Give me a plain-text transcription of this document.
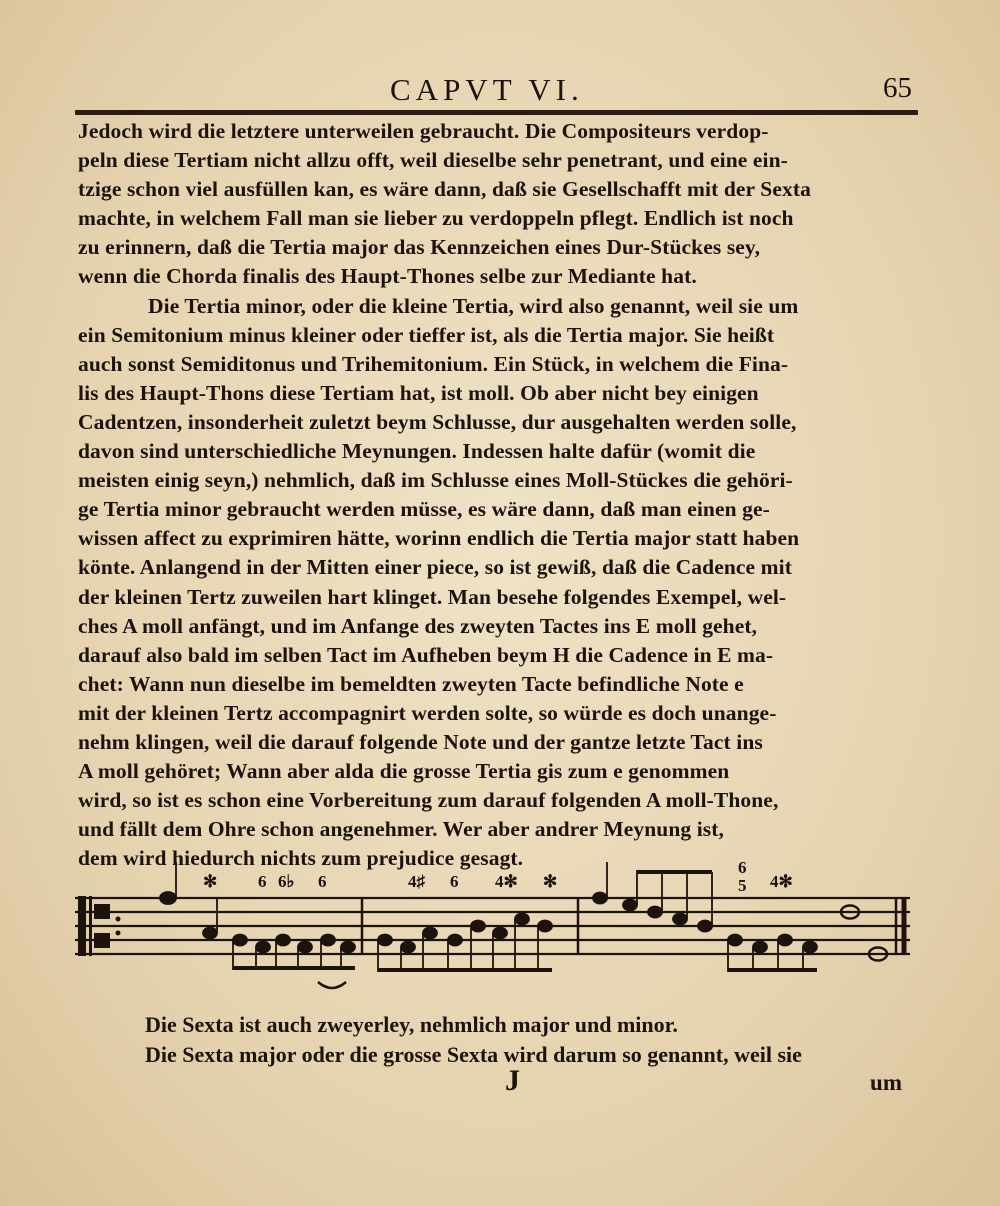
CAPVT VI.	65
Jedoch wird die letztere unterweilen gebraucht. Die Compositeurs verdop-
peln diese Tertiam nicht allzu offt, weil dieselbe sehr penetrant, und eine ein-
tzige schon viel ausfüllen kan, es wäre dann, daß sie Gesellschafft mit der Sexta
machte, in welchem Fall man sie lieber zu verdoppeln pflegt. Endlich ist noch
zu erinnern, daß die Tertia major das Kennzeichen eines Dur-Stückes sey,
wenn die Chorda finalis des Haupt-Thones selbe zur Mediante hat.
Die Tertia minor, oder die kleine Tertia, wird also genannt, weil sie um
ein Semitonium minus kleiner oder tieffer ist, als die Tertia major. Sie heißt
auch sonst Semiditonus und Trihemitonium. Ein Stück, in welchem die Fina-
lis des Haupt-Thons diese Tertiam hat, ist moll. Ob aber nicht bey einigen
Cadentzen, insonderheit zuletzt beym Schlusse, dur ausgehalten werden solle,
davon sind unterschiedliche Meynungen. Indessen halte dafür (womit die
meisten einig seyn,) nehmlich, daß im Schlusse eines Moll-Stückes die gehöri-
ge Tertia minor gebraucht werden müsse, es wäre dann, daß man einen ge-
wissen affect zu exprimiren hätte, worinn endlich die Tertia major statt haben
könte. Anlangend in der Mitten einer piece, so ist gewiß, daß die Cadence mit
der kleinen Tertz zuweilen hart klinget. Man besehe folgendes Exempel, wel-
ches A moll anfängt, und im Anfange des zweyten Tactes ins E moll gehet,
darauf also bald im selben Tact im Aufheben beym H die Cadence in E ma-
chet: Wann nun dieselbe im bemeldten zweyten Tacte befindliche Note e
mit der kleinen Tertz accompagnirt werden solte, so würde es doch unange-
nehm klingen, weil die darauf folgende Note und der gantze letzte Tact ins
A moll gehöret; Wann aber alda die grosse Tertia gis zum e genommen
wird, so ist es schon eine Vorbereitung zum darauf folgenden A moll-Thone,
und fällt dem Ohre schon angenehmer. Wer aber andrer Meynung ist,
dem wird hiedurch nichts zum prejudice gesagt.
✻ 6 6♭ 6	4♯ 6 4✻ ✻
6
5 4✻
Die Sexta ist auch zweyerley, nehmlich major und minor.
Die Sexta major oder die grosse Sexta wird darum so genannt, weil sie
J	um
